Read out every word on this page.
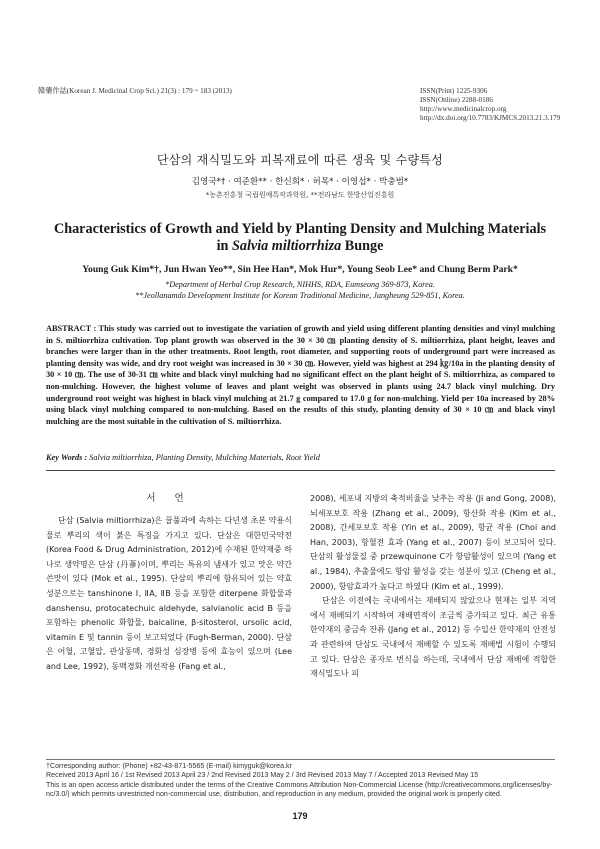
韓藥作誌(Korean J. Medicinal Crop Sci.) 21(3) : 179 ~ 183 (2013)	ISSN(Print) 1225-9306
ISSN(Online) 2288-0186
http://www.medicinalcrop.org
http://dx.doi.org/10.7783/KJMCS.2013.21.3.179
단삼의 재식밀도와 피복재료에 따른 생육 및 수량특성
김영국*† · 여준환** · 한신희* · 허목* · 이영섭* · 박충범*
*농촌진흥청 국립원예특작과학원, **전라남도 한방산업진흥원
Characteristics of Growth and Yield by Planting Density and Mulching Materials
in Salvia miltiorrhiza Bunge
Young Guk Kim*†, Jun Hwan Yeo**, Sin Hee Han*, Mok Hur*, Young Seob Lee* and Chung Berm Park*
*Department of Herbal Crop Research, NIHHS, RDA, Eumseong 369-873, Korea.
**Jeollanamdo Development Institute for Korean Traditional Medicine, Jangheung 529-851, Korea.
ABSTRACT : This study was carried out to investigate the variation of growth and yield using different planting densities and vinyl mulching in S. miltiorrhiza cultivation. Top plant growth was observed in the 30 × 30 ㎝ planting density of S. miltiorrhiza, plant height, leaves and branches were larger than in the other treatments. Root length, root diameter, and supporting roots of underground part were increased as planting density was wide, and dry root weight was increased in 30 × 30 ㎝. However, yield was highest at 294 ㎏/10a in the planting density of 30 × 10 ㎝. The use of 30-31 ㎝ white and black vinyl mulching had no significant effect on the plant height of S. miltiorrhiza, as compared to non-mulching. However, the highest volume of leaves and plant weight was observed in plants using 24.7 black vinyl mulching. Dry underground root weight was highest in black vinyl mulching at 21.7 g compared to 17.0 g for non-mulching. Yield per 10a increased by 28% using black vinyl mulching compared to non-mulching. Based on the results of this study, planting density of 30 × 10 ㎝ and black vinyl mulching are the most suitable in the cultivation of S. miltiorrhiza.
Key Words : Salvia miltiorrhiza, Planting Density, Mulching Materials, Root Yield
서 언

단삼 (Salvia miltiorrhiza)은 꿀풀과에 속하는 다년생 초본 약용식물로 뿌리의 색이 붉은 특징을 가지고 있다. 단삼은 대한민국약전 (Korea Food & Drug Administration, 2012)에 수재된 한약재중 하나로 생약명은 단삼 (丹蔘)이며, 뿌리는 특유의 냄새가 있고 맛은 약간 쓴맛이 있다 (Mok et al., 1995). 단삼의 뿌리에 함유되어 있는 약효 성분으로는 tanshinone Ⅰ, ⅡA, ⅡB 등을 포함한 diterpene 화합물과 danshensu, protocatechuic aldehyde, salvianolic acid B 등을 포함하는 phenolic 화합물, baicaline, β-sitosterol, ursolic acid, vitamin E 및 tannin 등이 보고되었다 (Fugh-Berman, 2000). 단삼은 어혈, 고혈압, 관상동맥, 경화성 심장병 등에 효능이 있으며 (Lee and Lee, 1992), 동맥경화 개선작용 (Fang et al.,

2008), 세포내 지방의 축적비율을 낮추는 작용 (Ji and Gong, 2008), 뇌세포보호 작용 (Zhang et al., 2009), 항산화 작용 (Kim et al., 2008), 간세포보호 작용 (Yin et al., 2009), 항균 작용 (Choi and Han, 2003), 항혈전 효과 (Yang et al., 2007) 등이 보고되어 있다. 단삼의 활성물질 중 przewquinone C가 항암활성이 있으며 (Yang et al., 1984), 추출물에도 항암 활성을 갖는 성분이 있고 (Cheng et al., 2000), 항암효과가 높다고 하였다 (Kim et al., 1999).

단삼은 이전에는 국내에서는 재배되지 않았으나 현재는 일부 지역에서 재배되기 시작하여 재배면적이 조금씩 증가되고 있다. 최근 유통 한약재의 중금속 잔류 (Jang et al., 2012) 등 수입산 한약재의 안전성과 관련하여 단삼도 국내에서 재배할 수 있도록 재배법 시험이 수행되고 있다. 단삼은 종자로 번식을 하는데, 국내에서 단삼 재배에 적합한 재식밀도나 피

†Corresponding author: (Phone) +82-43-871-5565 (E-mail) kimyguk@korea.kr
Received 2013 April 16 / 1st Revised 2013 April 23 / 2nd Revised 2013 May 2 / 3rd Revised 2013 May 7 / Accepted 2013 Revised May 15
This is an open access article distributed under the terms of the Creative Commons Attribution Non-Commercial License (http://creativecommons.org/licenses/by-nc/3.0/) which permits unrestricted non-commercial use, distribution, and reproduction in any medium, provided the original work is properly cited.
179
